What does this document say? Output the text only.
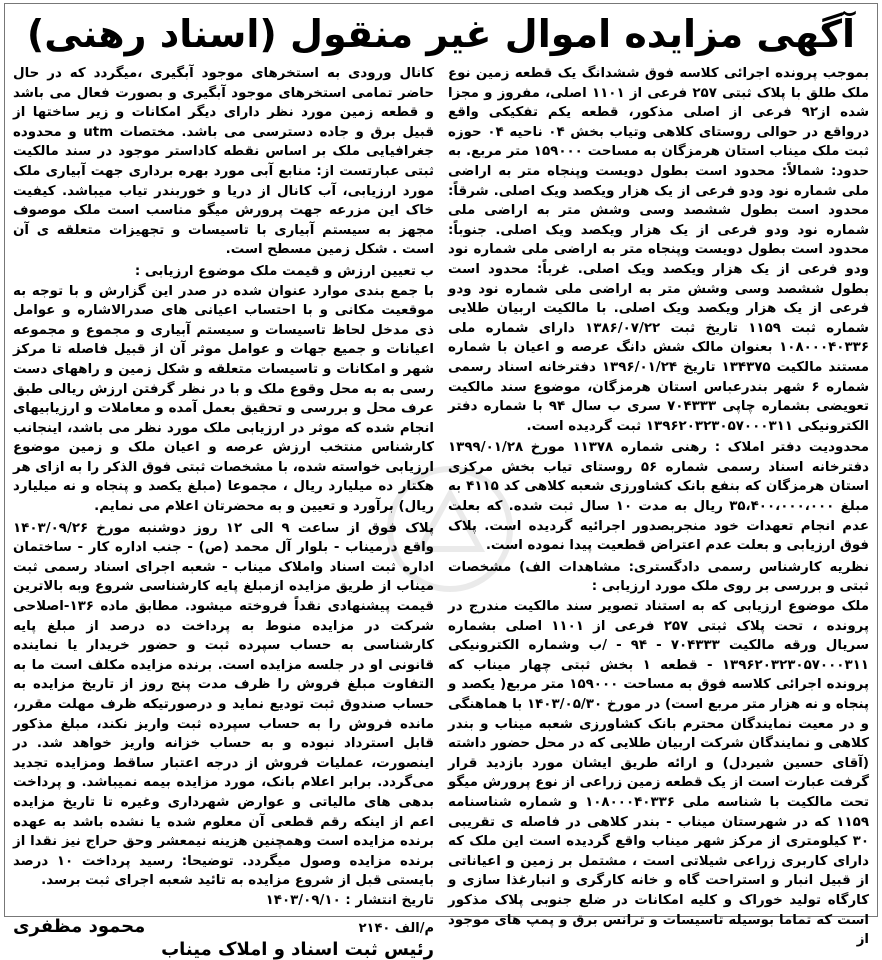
آگهی مزایده اموال غیر منقول (اسناد رهنی)

بموجب پرونده اجرائی کلاسه فوق ششدانگ یک قطعه زمین نوع ملک طلق با پلاک ثبتی ۲۵۷ فرعی از ۱۱۰۱ اصلی، مفروز و مجزا شده از۹۲ فرعی از اصلی مذکور، قطعه یکم تفکیکی واقع درواقع در حوالی روستای کلاهی وتیاب بخش ۰۴ ناحیه ۰۴ حوزه ثبت ملک میناب استان هرمزگان به مساحت ۱۵۹۰۰۰ متر مربع. به حدود: شمالاً: محدود است بطول دویست وپنجاه متر به اراضی ملی شماره نود ودو فرعی از یک هزار ویکصد ویک اصلی. شرقاً: محدود است بطول ششصد وسی وشش متر به اراضی ملی شماره نود ودو فرعی از یک هزار ویکصد ویک اصلی. جنوباً: محدود است بطول دویست وپنجاه متر به اراضی ملی شماره نود ودو فرعی از یک هزار ویکصد ویک اصلی. غرباً: محدود است بطول ششصد وسی وشش متر به اراضی ملی شماره نود ودو فرعی از یک هزار ویکصد ویک اصلی. با مالکیت اربیان طلایی شماره ثبت ۱۱۵۹ تاریخ ثبت ۱۳۸۶/۰۷/۲۲ دارای شماره ملی ۱۰۸۰۰۰۴۰۳۳۶ بعنوان مالک شش دانگ عرصه و اعیان با شماره مستند مالکیت ۱۳۴۳۷۵ تاریخ ۱۳۹۶/۰۱/۲۴ دفترخانه اسناد رسمی شماره ۶ شهر بندرعباس استان هرمزگان، موضوع سند مالکیت تعویضی بشماره چاپی ۷۰۴۳۳۳ سری ب سال ۹۴ با شماره دفتر الکترونیکی ۱۳۹۶۲۰۳۲۳۰۵۷۰۰۰۳۱۱ ثبت گردیده است.

محدودیت دفتر املاک : رهنی شماره ۱۱۳۷۸ مورخ ۱۳۹۹/۰۱/۲۸ دفترخانه اسناد رسمی شماره ۵۶ روستای تیاب بخش مرکزی استان هرمزگان که بنفع بانک کشاورزی شعبه کلاهی کد ۴۱۱۵ به مبلغ ۳۵،۴۰۰،۰۰۰،۰۰۰ ریال به مدت ۱۰ سال ثبت شده. که بعلت عدم انجام تعهدات خود منجربصدور اجرائیه گردیده است. پلاک فوق ارزیابی و بعلت عدم اعتراض قطعیت پیدا نموده است.

نظریه کارشناس رسمی دادگستری: مشاهدات الف) مشخصات ثبتی و بررسی بر روی ملک مورد ارزیابی :

ملک موضوع ارزیابی که به استناد تصویر سند مالکیت مندرج در پرونده ، تحت پلاک ثبتی ۲۵۷ فرعی از ۱۱۰۱ اصلی بشماره سریال ورقه مالکیت ۷۰۴۳۳۳ - ۹۴ - /ب وشماره الکترونیکی ۱۳۹۶۲۰۳۲۳۰۵۷۰۰۰۳۱۱ - قطعه ۱ بخش ثبتی چهار میناب که پرونده اجرائی کلاسه فوق به مساحت ۱۵۹۰۰۰ متر مربع( یکصد و پنجاه و نه هزار متر مربع است) در مورخ ۱۴۰۳/۰۵/۳۰ با هماهنگی و در معیت نمایندگان محترم بانک کشاورزی شعبه میناب و بندر کلاهی و نمایندگان شرکت اربیان طلایی که در محل حضور داشته (آقای حسین شیردل) و ارائه طریق ایشان مورد بازدید قرار گرفت عبارت است از یک قطعه زمین زراعی از نوع پرورش میگو تحت مالکیت با شناسه ملی ۱۰۸۰۰۰۴۰۳۳۶ و شماره شناسنامه ۱۱۵۹ که در شهرستان میناب - بندر کلاهی در فاصله ی تقریبی ۳۰ کیلومتری از مرکز شهر میناب واقع گردیده است این ملک که دارای کاربری زراعی شیلاتی است ، مشتمل بر زمین و اعیاناتی از قبیل انبار و استراحت گاه و خانه کارگری و انبارغذا سازی و کارگاه تولید خوراک و کلیه امکانات در ضلع جنوبی پلاک مذکور است که تماما بوسیله تاسیسات و ترانس برق و پمپ های موجود از

کانال ورودی به استخرهای موجود آبگیری ،میگردد که در حال حاضر تمامی استخرهای موجود آبگیری و بصورت فعال می باشد و قطعه زمین مورد نظر دارای دیگر امکانات و زیر ساختها از قبیل برق و جاده دسترسی می باشد. مختصات utm و محدوده جغرافیایی ملک بر اساس نقطه کاداستر موجود در سند مالکیت ثبتی عبارتست از: منابع آبی مورد بهره برداری جهت آبیاری ملک مورد ارزیابی، آب کانال از دریا و خوربندر تیاب میباشد. کیفیت خاک این مزرعه جهت پرورش میگو مناسب است ملک موصوف مجهز به سیستم آبیاری با تاسیسات و تجهیزات متعلقه ی آن است . شکل زمین مسطح است.

ب تعیین ارزش و قیمت ملک موضوع ارزیابی :

با جمع بندی موارد عنوان شده در صدر این گزارش و با توجه به موقعیت مکانی و با احتساب اعیانی های صدرالاشاره و عوامل ذی مدخل لحاظ تاسیسات و سیستم آبیاری و مجموع و مجموعه اعیانات و جمیع جهات و عوامل موثر آن از قبیل فاصله تا مرکز شهر و امکانات و تاسیسات متعلقه و شکل زمین و راههای دست رسی به به محل وقوع ملک و با در نظر گرفتن ارزش ریالی طبق عرف محل و بررسی و تحقیق بعمل آمده و معاملات و ارزیابیهای انجام شده که موثر در ارزیابی ملک مورد نظر می باشد، اینجانب کارشناس منتخب ارزش عرصه و اعیان ملک و زمین موضوع ارزیابی خواسته شده، با مشخصات ثبتی فوق الذکر را به ازای هر هکتار ده میلیارد ریال ، مجموعا (مبلغ یکصد و پنجاه و نه میلیارد ریال) برآورد و تعیین و به محضرتان اعلام می نمایم.

پلاک فوق از ساعت ۹ الی ۱۲ روز دوشنبه مورخ ۱۴۰۳/۰۹/۲۶ واقع درمیناب - بلوار آل محمد (ص) - جنب اداره کار - ساختمان اداره ثبت اسناد واملاک میناب - شعبه اجرای اسناد رسمی ثبت میناب از طریق مزایده ازمبلغ پایه کارشناسی شروع وبه بالاترین قیمت پیشنهادی نقداً فروخته میشود. مطابق ماده ۱۳۶-اصلاحی شرکت در مزایده منوط به پرداخت ده درصد از مبلغ پایه کارشناسی به حساب سپرده ثبت و حضور خریدار یا نماینده قانونی او در جلسه مزایده است. برنده مزایده مکلف است ما به التفاوت مبلغ فروش را ظرف مدت پنج روز از تاریخ مزایده به حساب صندوق ثبت تودیع نماید و درصورتیکه ظرف مهلت مقرر، مانده فروش را به حساب سپرده ثبت واریز نکند، مبلغ مذکور قابل استرداد نبوده و به حساب خزانه واریز خواهد شد. در اینصورت، عملیات فروش از درجه اعتبار ساقط ومزایده تجدید می‌گردد. برابر اعلام بانک، مورد مزایده بیمه نمیباشد. و پرداخت بدهی های مالیاتی و عوارض شهرداری وغیره تا تاریخ مزایده اعم از اینکه رقم قطعی آن معلوم شده یا نشده باشد به عهده برنده مزایده است وهمچنین هزینه نیمعشر وحق حراج نیز نقدا از برنده مزایده وصول میگردد. توضیحا: رسید پرداخت ۱۰ درصد بایستی قبل از شروع مزایده به تائید شعبه اجرای ثبت برسد.

تاریخ انتشار : ۱۴۰۳/۰۹/۱۰

م/الف ۲۱۴۰
محمود مظفری
رئیس ثبت اسناد و املاک میناب
